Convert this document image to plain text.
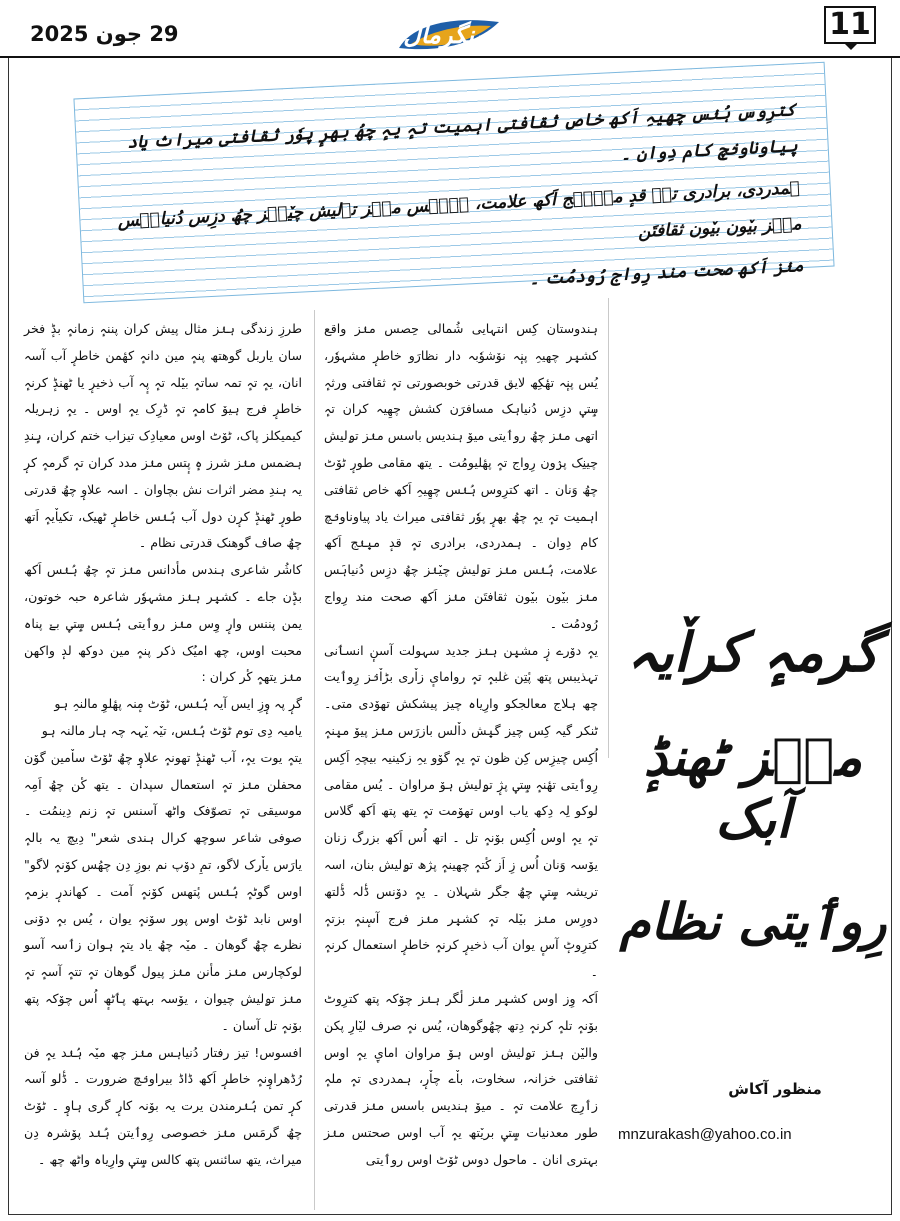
29 جون 2025	سنگرمال	11

کترِوس ہُنٛس چھِیہِ اَکھ خاص ثقافتی اہمیت تہٕ یہٕ چھُ بھرٕ پوٗر ثقافتی میراث یاد پیاوناونٛچ کام دِوان ۔

ہمدردی، برادری تہٕ قدٕ میٖنٛج اَکھ علامت، ہُنٛس منٛز تۄلیش چیٚنٛز چھُ دزِس دُنیاہَس منٛز بیٚون بیٚون ثقافتَن

منٛز اَکھ صحت مند رِواج رُودمُت ۔

ہندوستان کِس انتہایی شُمالی حِصس منٛز واقع کشیٖر چھیہِ پنٕہ نوٚشوٗبہ دار نظارَو خاطرٕ مشہوٗر، یُس پنٕہ تھٔکِھ لایق قدرتی خوبصورتی تہٕ ثقافتی ورثہٕ سٟتؠ دزِس دُنیاہک مسافرَن کشش چھِیہ کران تہٕ اتھی منٛز چھُ روٲیتی میوٚ ہندیس باسس منٛز تۄلیش چینِک پرٛون رِواج تہٕ پھٔلیومُت ۔ یتھ مقامی طورٕ ٹوٚٹ چھُ وَنان ۔ اتھ کترِوس ہُنٛس چھِیہِ اَکھ خاص ثقافتی اہمیت تہٕ یہٕ چھُ بھرٕ پوٗر ثقافتی میراث یاد پیاوناونٛچ کام دِوان ۔ ہمدردی، برادری تہٕ قدٕ میٖنٛج اَکھ علامت، ہُنٛس منٛز تۄلیش چیٚنٛز چھُ دزِس دُنیاہَس منٛز بیٚون بیٚون ثقافتَن منٛز اَکھ صحت مند رِواج رُودمُت ۔

یہٕ دوٚرے زٕ مشیٖن ہنٛز جدید سہولت آسنٕ انسٲنی تہذیبس پتھ پٔتِن غلبہٕ تہٕ روامایٕ زاٚری بڑاٚنٛز رِوٲیت چھ ہلاج معالجکو وارِیاہ چیز پیشکش تھوٚدی متی۔ ٹنکر گیہ کِس چیز گیٖش داٚلس بازرَس منٛز پیوٚ میٖنہٕ اُکِس چیزِس کِن ظون تہٕ یہٕ گوٚو یہِ زکینیہ بیچہِ اَکِس رِوٲیتی تھٔنہٕ سٟتؠ پژٕ تۄلیش ہوٚ مراوان ۔ یُس مقامی لوکو لِہ دِکھ یاب اوس تھوٚمت تہٕ یتھ پتھ اَکھ گلاس تہٕ یہٕ اوس اُکِس بوٚنہٕ تل ۔ اتھ اُس اَکھ بزرگ زنان یوٚسہ وَنان اُس زِ اَز کٔتہٕ چھینہٕ پژھ تۄلیش بنان، اسہ تریشہ سٟتؠ چھُ جگر شہلان ۔ یہٕ دوٚنس ڈٔلہ ڈٔلتھ دورِس منٛز بیٚلہ تہٕ کشیٖر منٛز فرج آسٕنہٕ بزتہٕ کترِوٹٕ آسٕ یوان آب ذخیرٕ کرنہٕ خاطرٕ استعمال کرنہٕ ۔

اَکہ وِز اوس کشیٖر منٛز لٔگر ہنٛز چوٚکہ پتھ کترِوٹ بوٚنہٕ تلہٕ کرنہٕ دِتھ چھُوگوھان، یُس نہٕ صرف لیٚارِ پکن والیٚن ہنٛز تۄلیش اوس ہوٚ مراوان امایِٕ یہٕ اوس ثقافتی خزانہ، سخاوت، باٚے چاٚرٕ، ہمدردی تہٕ ملہٕ زٲرِچ علامت تہٕ ۔ میوٚ ہندیس باسس منٛز قدرتی طور معدنیات سٟتؠ بریٚتھ یہٕ آب اوس صحتس منٛز بہتری انان ۔ ماحول دوس ٹوٚٹ اوس روٲیتی

طرزِ زندگی ہنٛز مثال پیش کران پننہٕ زمانہٕ بڈٕ فخر سان یاربل گوھتھ پنہٕ مین دانہٕ کھٔمن خاطرٕ آب آسہ انان، یہٕ تہٕ تمہ ساتہٕ بیٚلہ تہٕ پٕہ آب ذخیرٕ یا ٹھنڈٕ کرنہٕ خاطرٕ فرج ہیوٚ کامہٕ تہٕ ڈرِک یہٕ اوس ۔ یہٕ زہریلہ کیمیکلز پاک، ٹوٚٹ اوس معیادِک تیزاب ختم کران، ہٕندِ ہضمس منٛز شرز ہٕ پٕتس منٛز مدد کران تہٕ گرمہٕ کرٕ یہ ہندِ مضر اثرات نش بچاوان ۔ اسہ علاوٕ چھُ قدرتی طورٕ ٹھنڈٕ کرٕن دول آب ہُنٛس خاطرٕ ٹھیک، تکیاٚیہٕ اَتھ چھُ صاف گوھنک قدرتی نظام ۔

کاشُر شاعری ہندس مأدانس منٛز تہٕ چھُ ہُنٛس اَکھ بڈٕن جاے ۔ کشیٖر ہنٛز مشہوٗر شاعرہ حبہ خوتون، یمن پننس وارٕ وِس منٛز روٲیتی ہُنٛس سٟتؠ بےٚ پناہ محبت اوس، چھ امیُک ذکر پنہٕ مین دوکھ لدٕ واکھن منٛز یتھہٕ کٔر کران :

گرٕ پہ وٕزِ ایس آیہ ہُنٛس، ٹوٚٹ مٕنہ پھٔلوِ مالنہِ ہو

یامیہ دِی توم ٹوٚٹ ہُنٛس، تیٚہ یٚہہ چہ ہار مالنہ ہو

یتہٕ یوت یہٕ، آب ٹھنڈٕ تھونہٕ علاوٕ چھُ ٹوٚٹ ساٚمین گوٚن محفلن منٛز تہٕ استعمال سپدان ۔ یتھ کٔن چھُ اَمِہ موسیقی تہٕ تصوّفک واٹھ آسنس تہٕ زنم دِینمُت ۔ صوفی شاعر سوچھ کرال ہندی شعر" دِیچ یہ بالہٕ یارَس یاٚرک لاگو، تمِ دوٚپ نم بوزِ دِن چھُس کوٚنہٕ لاگو" اوس گوٹہٕ ہُنٛس پٔتھس کوٚنہٕ آمت ۔ کھاندرٕ بزمہٕ اوس نابد ٹوٚٹ اوس پور سوٚنہٕ یوان ، یُس بہٕ دوٚنی نظرے چھُ گوھان ۔ میٚہ چھُ یاد یتہٕ ہوان زٲسہ آسو لوکچارس منٛز مأنن منٛز پیول گوھان تہٕ تتہٕ آسہٕ تہٕ منٛز تۄلیش چیوان ، یوٚسہ بہتھ پٲٹھٕ اُس چوٚکہ پتھ بوٚنہٕ تل آسان ۔

افسوس! تیز رفتار دُنیاہس منٛز چھ میٚہ ہُنٛد یہٕ فن رُڈھراوٕنہٕ خاطرٕ اَکھ ڈاڈ بیراونٛچ ضرورت ۔ ڈٔلو آسہ کرٕ تمن ہُنٛرمندن یرت یہ بوٚنہ کارٕ گری ہاوٕ ۔ ٹوٚٹ چھُ گرمَس منٛز خصوصی رِوٲیتن ہُنٛد پوٚشرہ دِن میراث، یتھ سائنس پتھ کالس سٟتؠ وارِیاہ واٹھ چھ ۔

گرمہٕ کراٚیہ
منٛز ٹھنڈٕ آبک
رِوٲیتی نظام
منظور آکاش
mnzurakash@yahoo.co.in
